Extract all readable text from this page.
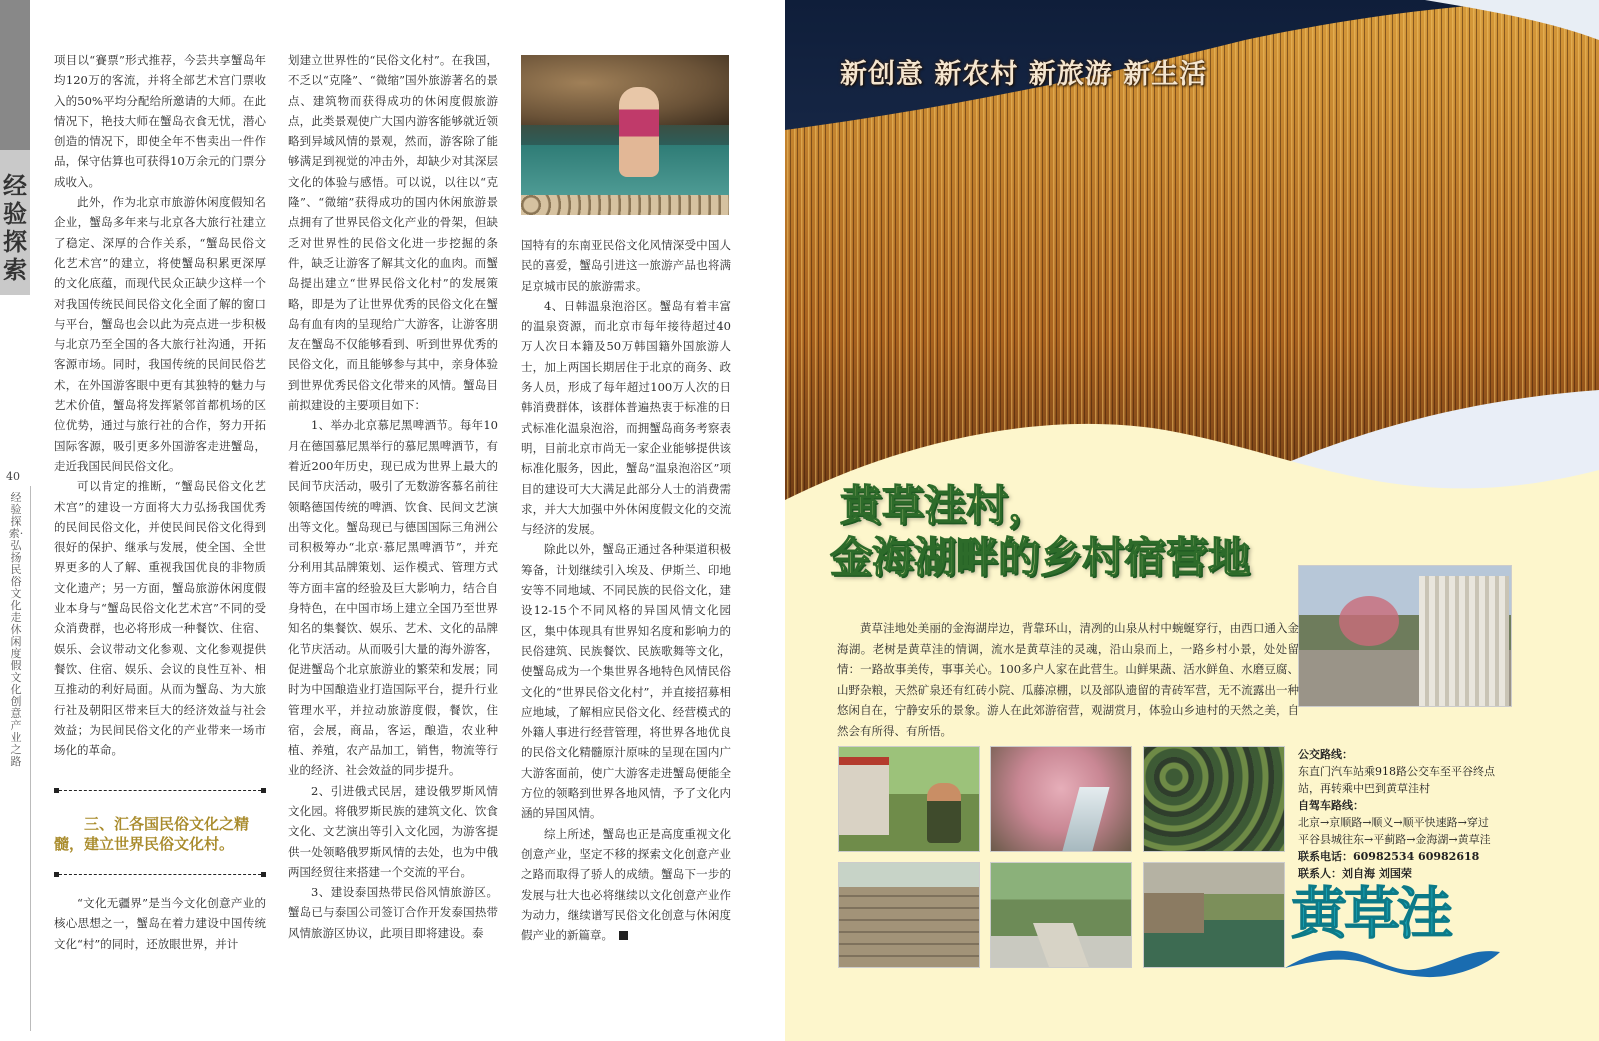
经验探索
40
经验探索·弘扬民俗文化 走休闲度假文化创意产业之路

项目以“賽票”形式推荐，今芸共享蟹岛年均120万的客流，并将全部艺术宫门票收入的50%平均分配给所邀请的大师。在此情况下，艳技大师在蟹岛衣食无忧，潜心创造的情况下，即使全年不售卖出一件作品，保守估算也可获得10万余元的门票分成收入。

此外，作为北京市旅游休闲度假知名企业，蟹岛多年来与北京各大旅行社建立了稳定、深厚的合作关系，“蟹岛民俗文化艺术宫”的建立，将使蟹岛积累更深厚的文化底蕴，而现代民众正缺少这样一个对我国传统民间民俗文化全面了解的窗口与平台，蟹岛也会以此为亮点进一步积极与北京乃至全国的各大旅行社沟通，开拓客源市场。同时，我国传统的民间民俗艺术，在外国游客眼中更有其独特的魅力与艺术价值，蟹岛将发挥紧邻首都机场的区位优势，通过与旅行社的合作，努力开拓国际客源，吸引更多外国游客走进蟹岛，走近我国民间民俗文化。

可以肯定的推断，“蟹岛民俗文化艺术宫”的建设一方面将大力弘扬我国优秀的民间民俗文化，并使民间民俗文化得到很好的保护、继承与发展，使全国、全世界更多的人了解、重视我国优良的非物质文化遗产；另一方面，蟹岛旅游休闲度假业本身与“蟹岛民俗文化艺术宫”不同的受众消费群，也必将形成一种餐饮、住宿、娱乐、会议带动文化参观、文化参观提供餐饮、住宿、娱乐、会议的良性互补、相互推动的利好局面。从而为蟹岛、为大旅行社及朝阳区带来巨大的经济效益与社会效益；为民间民俗文化的产业带来一场市场化的革命。

三、汇各国民俗文化之精髓，建立世界民俗文化村。

“文化无疆界”是当今文化创意产业的核心思想之一，蟹岛在着力建设中国传统文化“村”的同时，还放眼世界，并计

划建立世界性的“民俗文化村”。在我国，不乏以“克隆”、“微缩”国外旅游著名的景点、建筑物而获得成功的休闲度假旅游点，此类景观使广大国内游客能够就近领略到异域风情的景观，然而，游客除了能够满足到视觉的冲击外，却缺少对其深层文化的体验与感悟。可以说，以往以“克隆”、“微缩”获得成功的国内休闲旅游景点拥有了世界民俗文化产业的骨架，但缺乏对世界性的民俗文化进一步挖掘的条件，缺乏让游客了解其文化的血肉。而蟹岛提出建立“世界民俗文化村”的发展策略，即是为了让世界优秀的民俗文化在蟹岛有血有肉的呈现给广大游客，让游客朋友在蟹岛不仅能够看到、听到世界优秀的民俗文化，而且能够参与其中，亲身体验到世界优秀民俗文化带来的风情。蟹岛目前拟建设的主要项目如下：

1、举办北京慕尼黑啤酒节。每年10月在德国慕尼黑举行的慕尼黑啤酒节，有着近200年历史，现已成为世界上最大的民间节庆活动，吸引了无数游客慕名前往领略德国传统的啤酒、饮食、民间文艺演出等文化。蟹岛现已与德国国际三角洲公司积极筹办“北京·慕尼黑啤酒节”，并充分利用其品牌策划、运作模式、管理方式等方面丰富的经验及巨大影响力，结合自身特色，在中国市场上建立全国乃至世界知名的集餐饮、娱乐、艺术、文化的品牌化节庆活动。从而吸引大量的海外游客，促进蟹岛个北京旅游业的繁荣和发展；同时为中国酿造业打造国际平台，提升行业管理水平，并拉动旅游度假，餐饮，住宿，会展，商品，客运，酿造，农业种植、养殖，农产品加工，销售，物流等行业的经济、社会效益的同步提升。

2、引进俄式民居，建设俄罗斯风情文化园。将俄罗斯民族的建筑文化、饮食文化、文艺演出等引入文化园，为游客提供一处领略俄罗斯风情的去处，也为中俄两国经贸往来搭建一个交流的平台。

3、建设泰国热带民俗风情旅游区。蟹岛已与泰国公司签订合作开发泰国热带风情旅游区协议，此项目即将建设。泰

国特有的东南亚民俗文化风情深受中国人民的喜爱，蟹岛引进这一旅游产品也将满足京城市民的旅游需求。

4、日韩温泉泡浴区。蟹岛有着丰富的温泉资源，而北京市每年接待超过40万人次日本籍及50万韩国籍外国旅游人士，加上两国长期居住于北京的商务、政务人员，形成了每年超过100万人次的日韩消费群体，该群体普遍热衷于标准的日式标准化温泉泡浴，而拥蟹岛商务考察表明，目前北京市尚无一家企业能够提供该标准化服务，因此，蟹岛“温泉泡浴区”项目的建设可大大满足此部分人士的消费需求，并大大加强中外休闲度假文化的交流与经济的发展。

除此以外，蟹岛正通过各种渠道积极筹备，计划继续引入埃及、伊斯兰、印地安等不同地域、不同民族的民俗文化，建设12-15个不同风格的异国风情文化园区，集中体现具有世界知名度和影响力的民俗建筑、民族餐饮、民族歌舞等文化，使蟹岛成为一个集世界各地特色风情民俗文化的“世界民俗文化村”，并直接招募相应地域，了解相应民俗文化、经营模式的外籍人事进行经营管理，将世界各地优良的民俗文化精髓原汁原味的呈现在国内广大游客面前，使广大游客走进蟹岛便能全方位的领略到世界各地风情，予了文化内涵的异国风情。

综上所述，蟹岛也正是高度重视文化创意产业，坚定不移的探索文化创意产业之路而取得了骄人的成绩。蟹岛下一步的发展与壮大也必将继续以文化创意产业作为动力，继续谱写民俗文化创意与休闲度假产业的新篇章。

新创意 新农村 新旅游 新生活
黄草洼村，
金海湖畔的乡村宿营地

黄草洼地处美丽的金海湖岸边，背靠环山，清冽的山泉从村中蜿蜒穿行，由西口通入金海湖。老树是黄草洼的情调，流水是黄草洼的灵魂，沿山泉而上，一路乡村小景，处处留情：一路故事美传，事事关心。100多户人家在此营生。山鲜果蔬、活水鲜鱼、水磨豆腐、山野杂粮，天然矿泉还有红砖小院、瓜藤凉棚，以及部队遗留的青砖军营，无不流露出一种悠闲自在，宁静安乐的景象。游人在此郊游宿营，观湖赏月，体验山乡迪村的天然之美，自然会有所得、有所悟。

公交路线：
东直门汽车站乘918路公交车至平谷终点
站，再转乘中巴到黄草洼村
自驾车路线：
北京→京顺路→顺义→顺平快速路→穿过
平谷县城往东→平蓟路→金海湖→黄草洼
联系电话：60982534 60982618
联系人：刘自海 刘国荣
黄草洼
